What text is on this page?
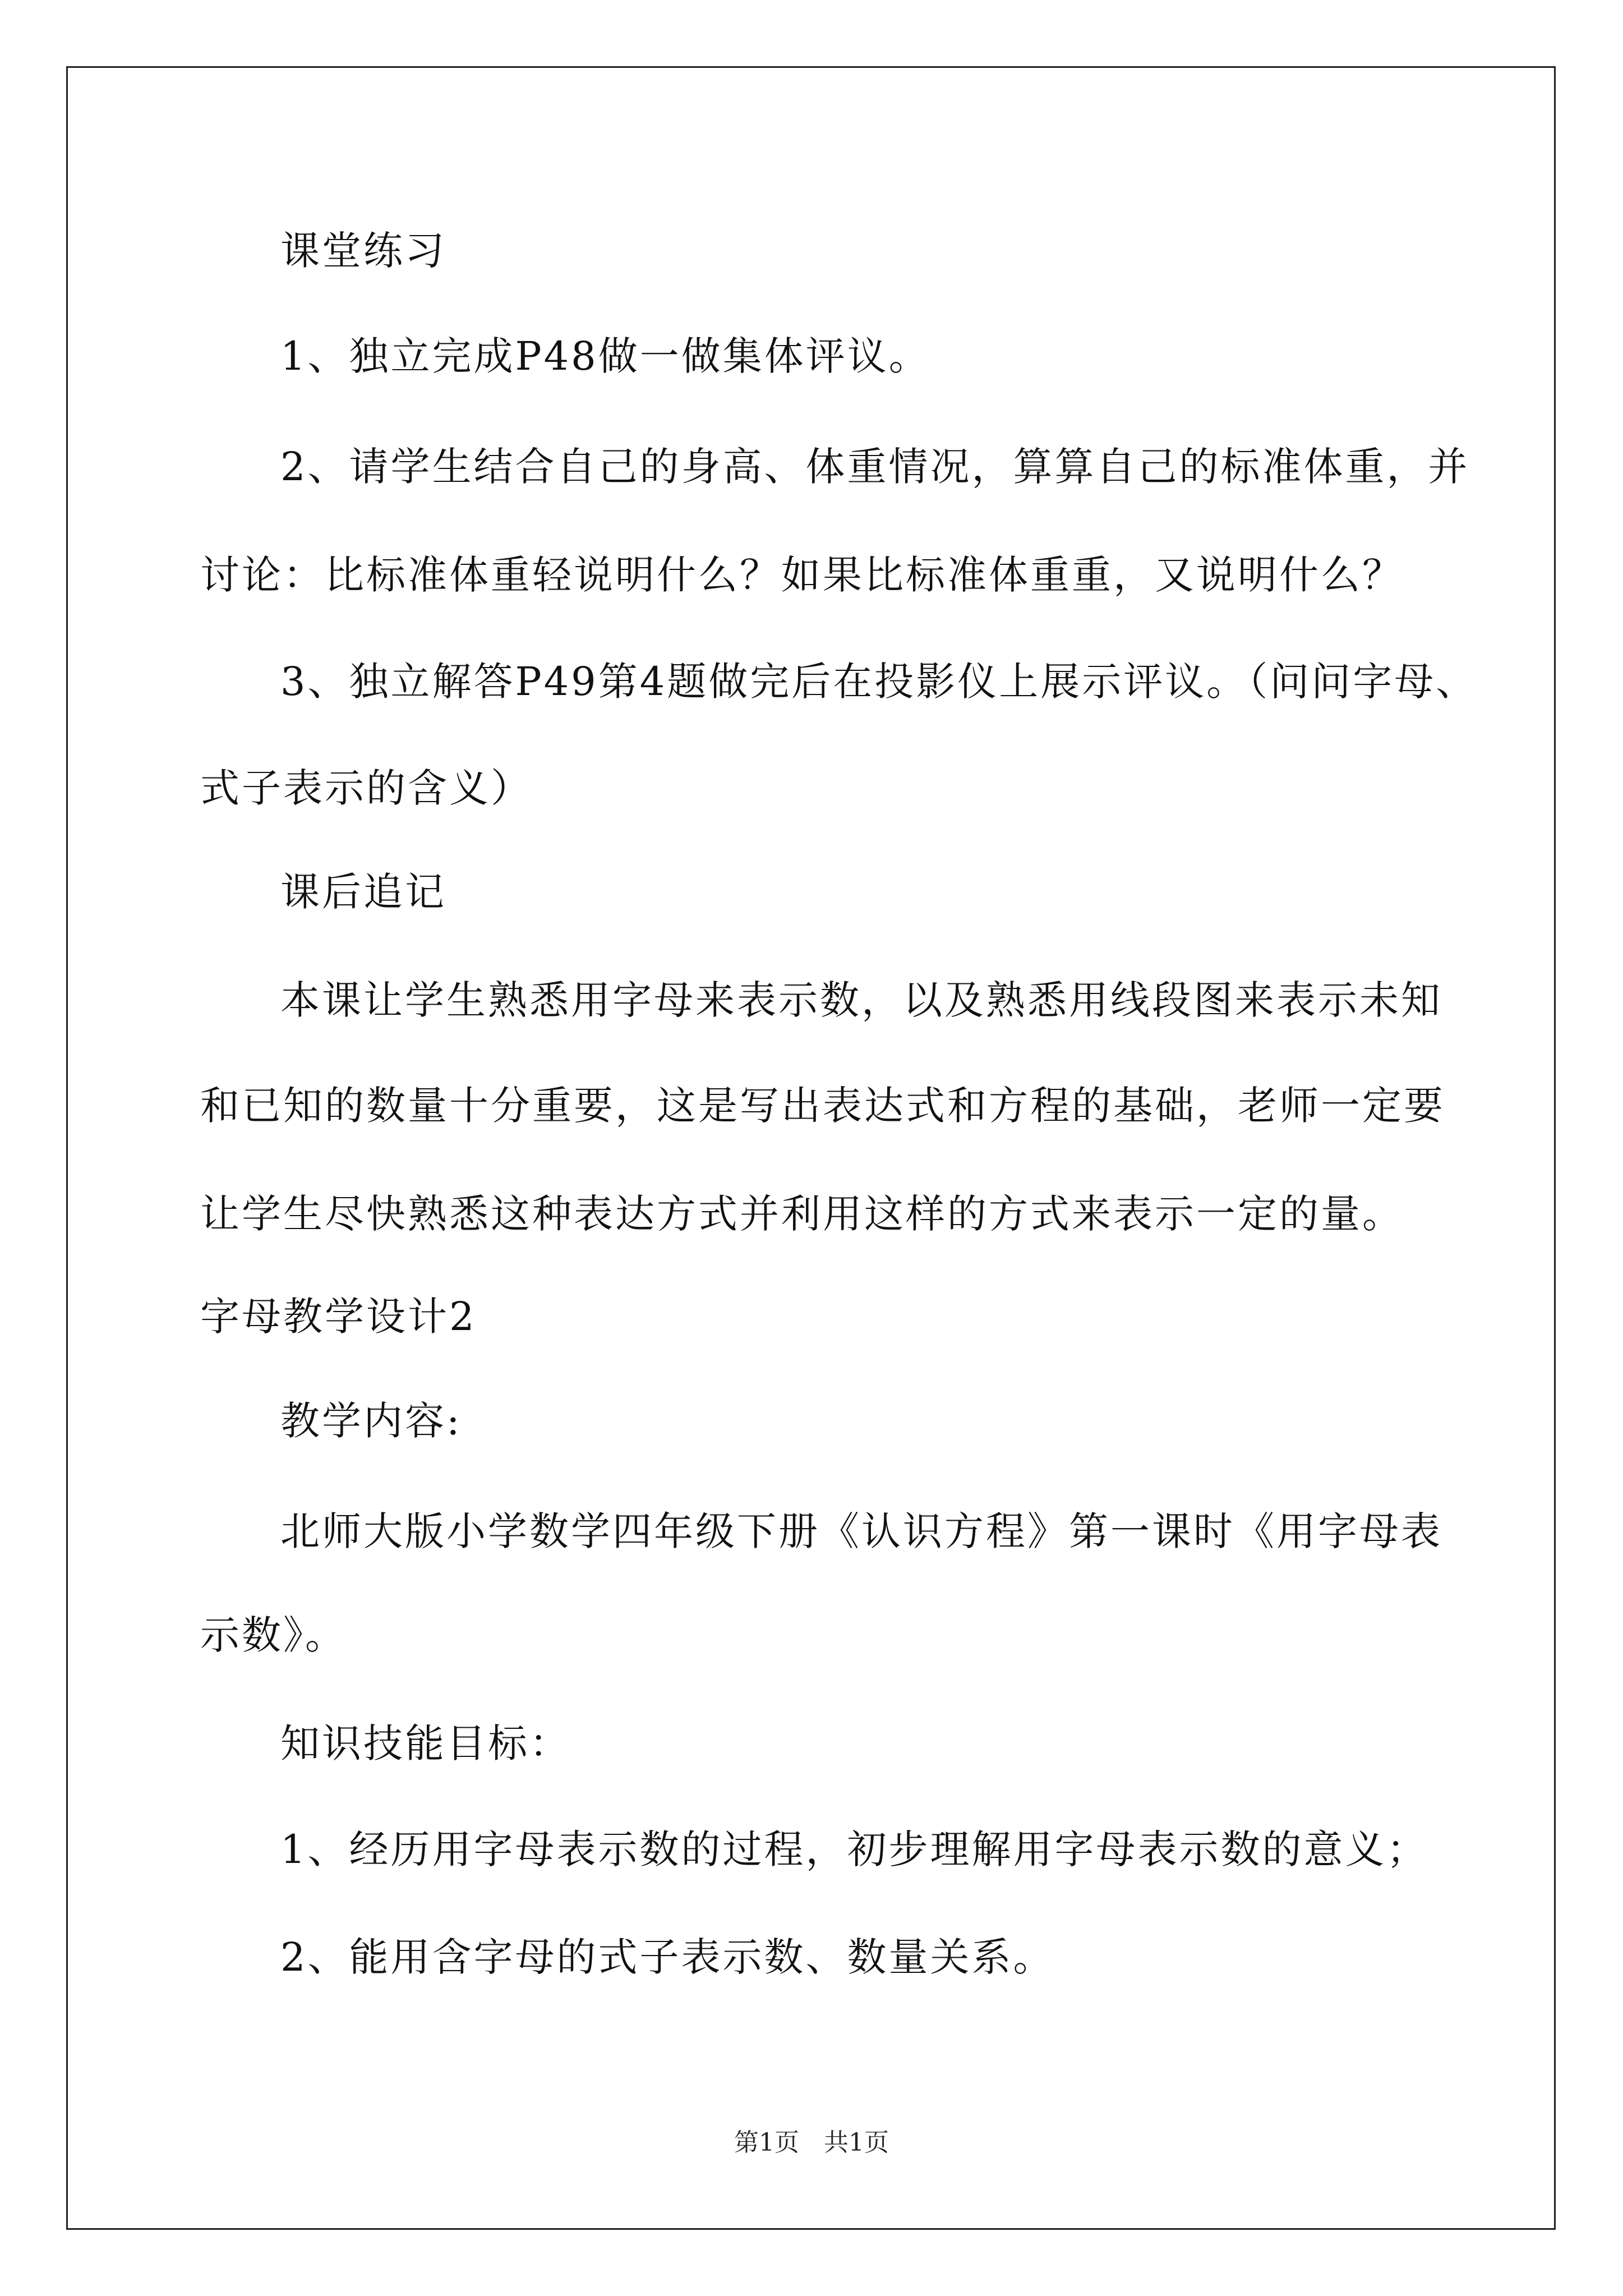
课堂练习
1、独立完成P48做一做集体评议。
2、请学生结合自己的身高、体重情况，算算自己的标准体重，并
讨论：比标准体重轻说明什么？如果比标准体重重，又说明什么？
3、独立解答P49第4题做完后在投影仪上展示评议。（问问字母、
式子表示的含义）
课后追记
本课让学生熟悉用字母来表示数，以及熟悉用线段图来表示未知
和已知的数量十分重要，这是写出表达式和方程的基础，老师一定要
让学生尽快熟悉这种表达方式并利用这样的方式来表示一定的量。
字母教学设计2
教学内容:
北师大版小学数学四年级下册《认识方程》第一课时《用字母表
示数》。
知识技能目标：
1、经历用字母表示数的过程，初步理解用字母表示数的意义；
2、能用含字母的式子表示数、数量关系。
第1页　共1页
